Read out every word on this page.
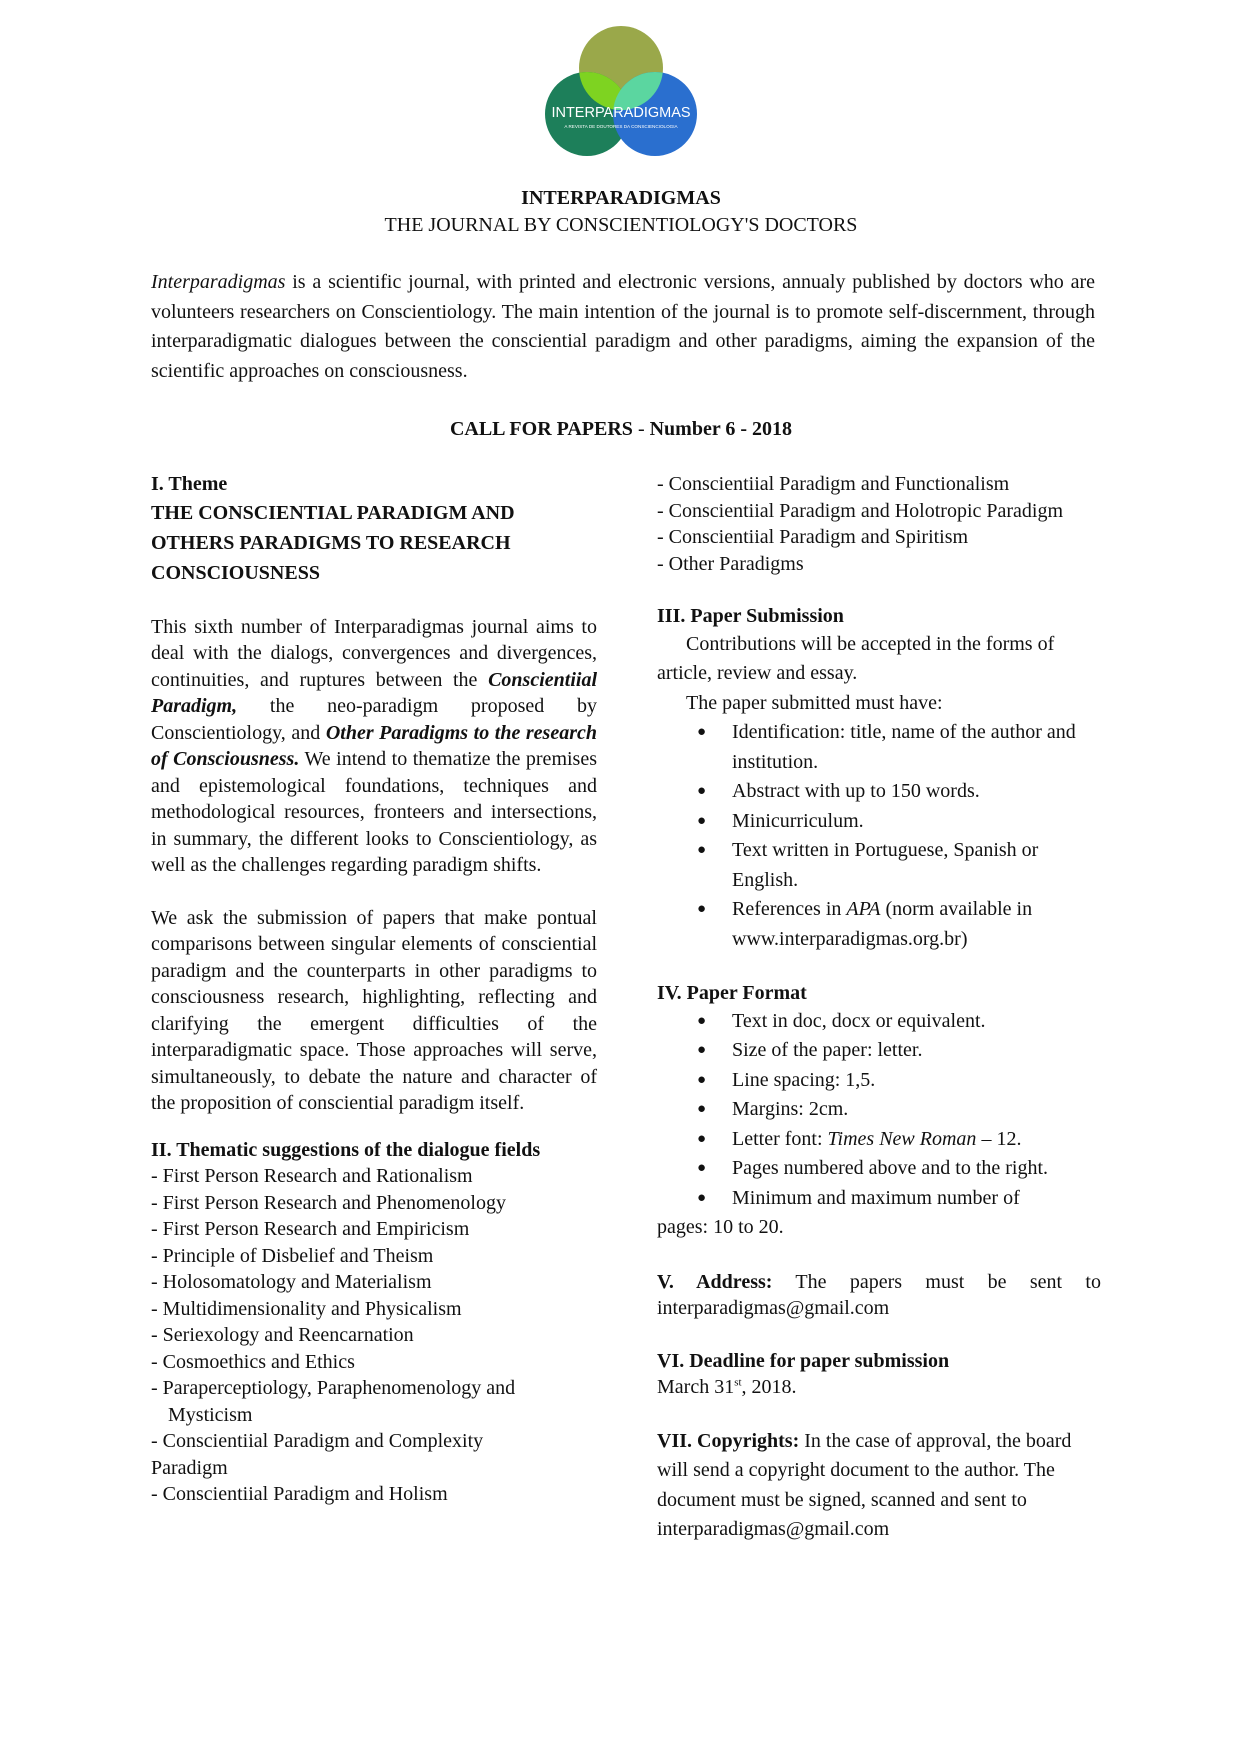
INTERPARADIGMAS
A REVISTA DE DOUTORES DA CONSCIENCIOLOGIA
INTERPARADIGMAS
THE JOURNAL BY CONSCIENTIOLOGY'S DOCTORS

Interparadigmas is a scientific journal, with printed and electronic versions, annualy published by doctors who are volunteers researchers on Conscientiology. The main intention of the journal is to promote self-discernment, through interparadigmatic dialogues between the consciential paradigm and other paradigms, aiming the expansion of the scientific approaches on consciousness.

CALL FOR PAPERS - Number 6 - 2018
I. Theme
THE CONSCIENTIAL PARADIGM AND OTHERS PARADIGMS TO RESEARCH CONSCIOUSNESS
This sixth number of Interparadigmas journal aims to deal with the dialogs, convergences and divergences, continuities, and ruptures between the Conscientiial Paradigm, the neo-paradigm proposed by Conscientiology, and Other Paradigms to the research of Consciousness. We intend to thematize the premises and epistemological foundations, techniques and methodological resources, fronteers and intersections, in summary, the different looks to Conscientiology, as well as the challenges regarding paradigm shifts.
We ask the submission of papers that make pontual comparisons between singular elements of consciential paradigm and the counterparts in other paradigms to consciousness research, highlighting, reflecting and clarifying the emergent difficulties of the interparadigmatic space. Those approaches will serve, simultaneously, to debate the nature and character of the proposition of consciential paradigm itself.
II. Thematic suggestions of the dialogue fields
- First Person Research and Rationalism
- First Person Research and Phenomenology
- First Person Research and Empiricism
- Principle of Disbelief and Theism
- Holosomatology and Materialism
- Multidimensionality and Physicalism
- Seriexology and Reencarnation
- Cosmoethics and Ethics
- Paraperceptiology, Paraphenomenology and
Mysticism
- Conscientiial Paradigm and Complexity
Paradigm
- Conscientiial Paradigm and Holism
- Conscientiial Paradigm and Functionalism
- Conscientiial Paradigm and Holotropic Paradigm
- Conscientiial Paradigm and Spiritism
- Other Paradigms
III. Paper Submission
Contributions will be accepted in the forms of article, review and essay.
The paper submitted must have:
● Identification: title, name of the author and institution.
● Abstract with up to 150 words.
● Minicurriculum.
● Text written in Portuguese, Spanish or English.
● References in APA (norm available in www.interparadigmas.org.br)
IV. Paper Format
● Text in doc, docx or equivalent.
● Size of the paper: letter.
● Line spacing: 1,5.
● Margins: 2cm.
● Letter font: Times New Roman – 12.
● Pages numbered above and to the right.
● Minimum and maximum number of
pages: 10 to 20.
V. Address: The papers must be sent to interparadigmas@gmail.com
VI. Deadline for paper submission
March 31st, 2018.
VII. Copyrights: In the case of approval, the board will send a copyright document to the author. The document must be signed, scanned and sent to interparadigmas@gmail.com
